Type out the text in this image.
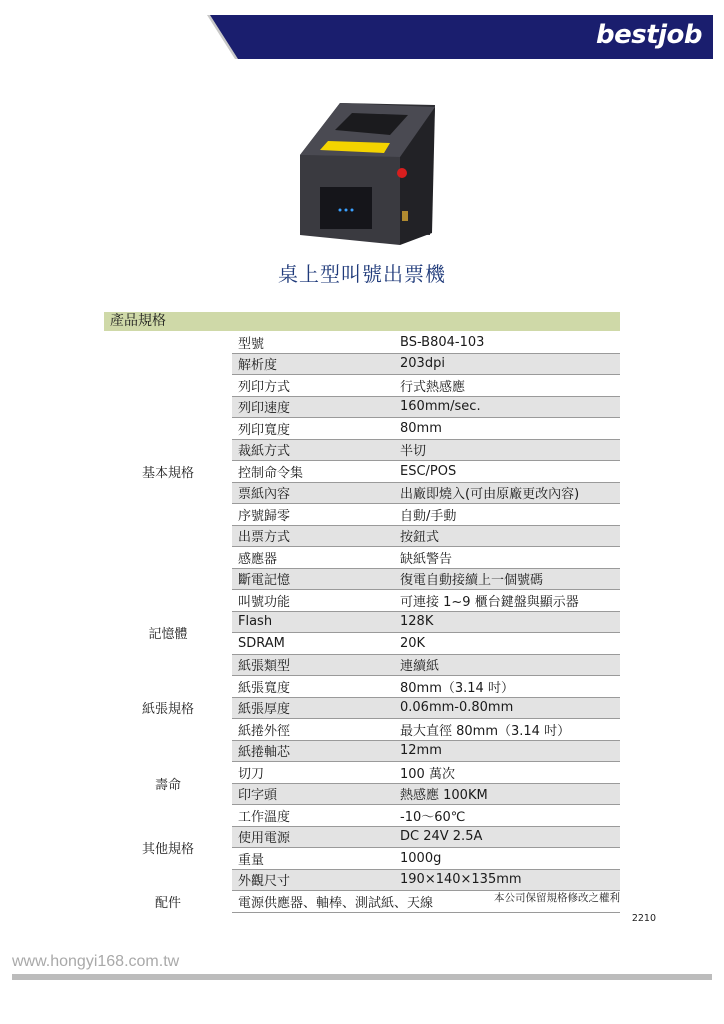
bestjob
桌上型叫號出票機
產品規格
基本規格	型號	BS-B804-103
	解析度	203dpi
	列印方式	行式熱感應
	列印速度	160mm/sec.
	列印寬度	80mm
	裁紙方式	半切
	控制命令集	ESC/POS
	票紙內容	出廠即燒入(可由原廠更改內容)
	序號歸零	自動/手動
	出票方式	按鈕式
	感應器	缺紙警告
	斷電記憶	復電自動接續上一個號碼
	叫號功能	可連接 1~9 櫃台鍵盤與顯示器
記憶體	Flash	128K
	SDRAM	20K
紙張規格	紙張類型	連續紙
	紙張寬度	80mm（3.14 吋）
	紙張厚度	0.06mm-0.80mm
	紙捲外徑	最大直徑 80mm（3.14 吋）
	紙捲軸芯	12mm
壽命	切刀	100 萬次
	印字頭	熱感應 100KM
其他規格	工作溫度	-10～60℃
	使用電源	DC 24V 2.5A
	重量	1000g
	外觀尺寸	190×140×135mm
配件	電源供應器、軸棒、測試紙、天線		本公司保留規格修改之權利
2210
www.hongyi168.com.tw
